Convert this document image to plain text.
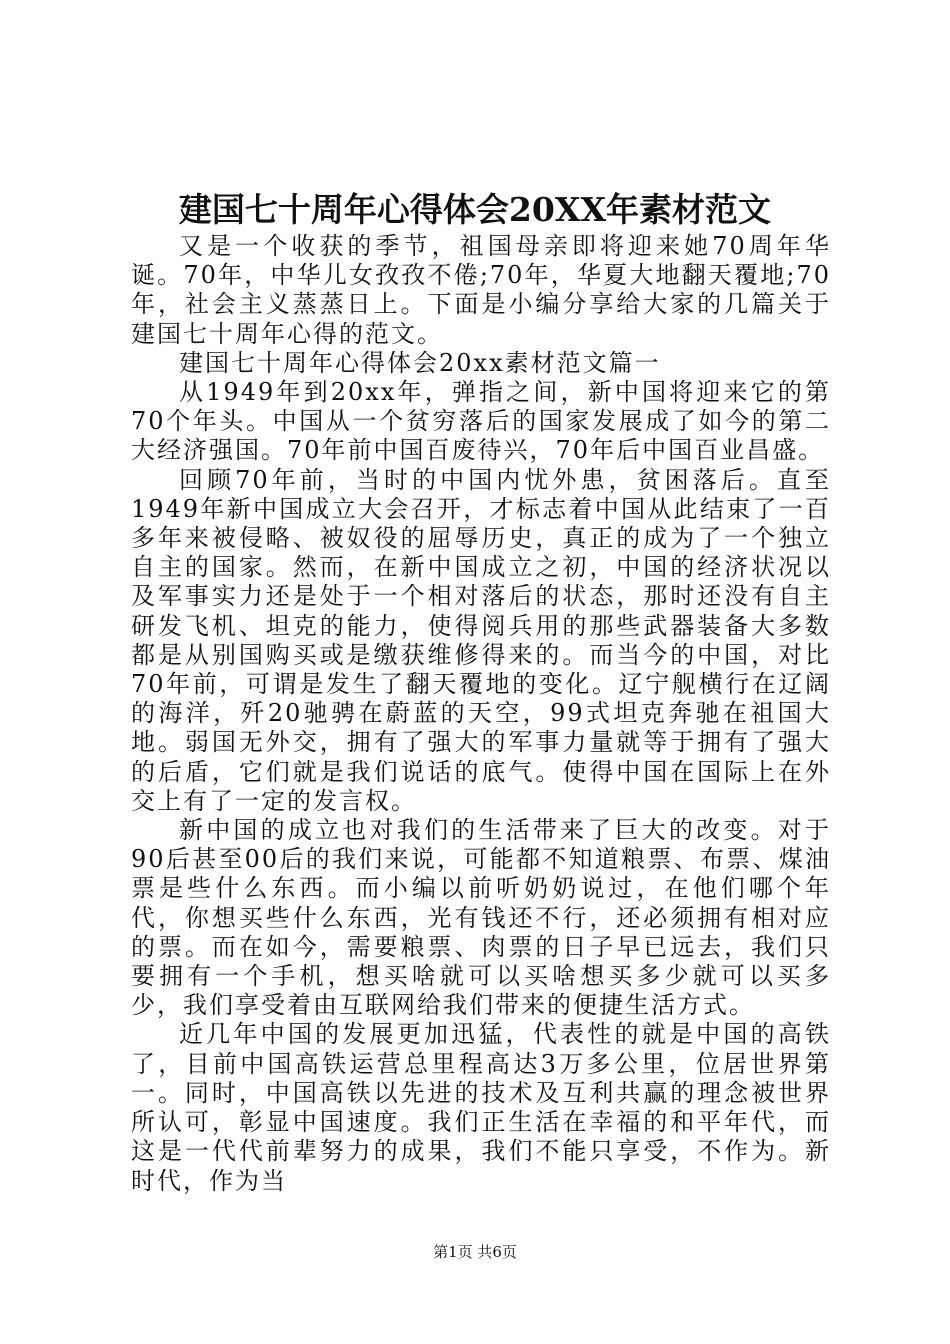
建国七十周年心得体会20XX年素材范文

又是一个收获的季节，祖国母亲即将迎来她70周年华诞。70年，中华儿女孜孜不倦;70年，华夏大地翻天覆地;70年，社会主义蒸蒸日上。下面是小编分享给大家的几篇关于建国七十周年心得的范文。

建国七十周年心得体会20xx素材范文篇一

从1949年到20xx年，弹指之间，新中国将迎来它的第70个年头。中国从一个贫穷落后的国家发展成了如今的第二大经济强国。70年前中国百废待兴，70年后中国百业昌盛。

回顾70年前，当时的中国内忧外患，贫困落后。直至1949年新中国成立大会召开，才标志着中国从此结束了一百多年来被侵略、被奴役的屈辱历史，真正的成为了一个独立自主的国家。然而，在新中国成立之初，中国的经济状况以及军事实力还是处于一个相对落后的状态，那时还没有自主研发飞机、坦克的能力，使得阅兵用的那些武器装备大多数都是从别国购买或是缴获维修得来的。而当今的中国，对比70年前，可谓是发生了翻天覆地的变化。辽宁舰横行在辽阔的海洋，歼20驰骋在蔚蓝的天空，99式坦克奔驰在祖国大地。弱国无外交，拥有了强大的军事力量就等于拥有了强大的后盾，它们就是我们说话的底气。使得中国在国际上在外交上有了一定的发言权。

新中国的成立也对我们的生活带来了巨大的改变。对于90后甚至00后的我们来说，可能都不知道粮票、布票、煤油票是些什么东西。而小编以前听奶奶说过，在他们哪个年代，你想买些什么东西，光有钱还不行，还必须拥有相对应的票。而在如今，需要粮票、肉票的日子早已远去，我们只要拥有一个手机，想买啥就可以买啥想买多少就可以买多少，我们享受着由互联网给我们带来的便捷生活方式。

近几年中国的发展更加迅猛，代表性的就是中国的高铁了，目前中国高铁运营总里程高达3万多公里，位居世界第一。同时，中国高铁以先进的技术及互利共赢的理念被世界所认可，彰显中国速度。我们正生活在幸福的和平年代，而这是一代代前辈努力的成果，我们不能只享受，不作为。新时代，作为当

第1页 共6页
